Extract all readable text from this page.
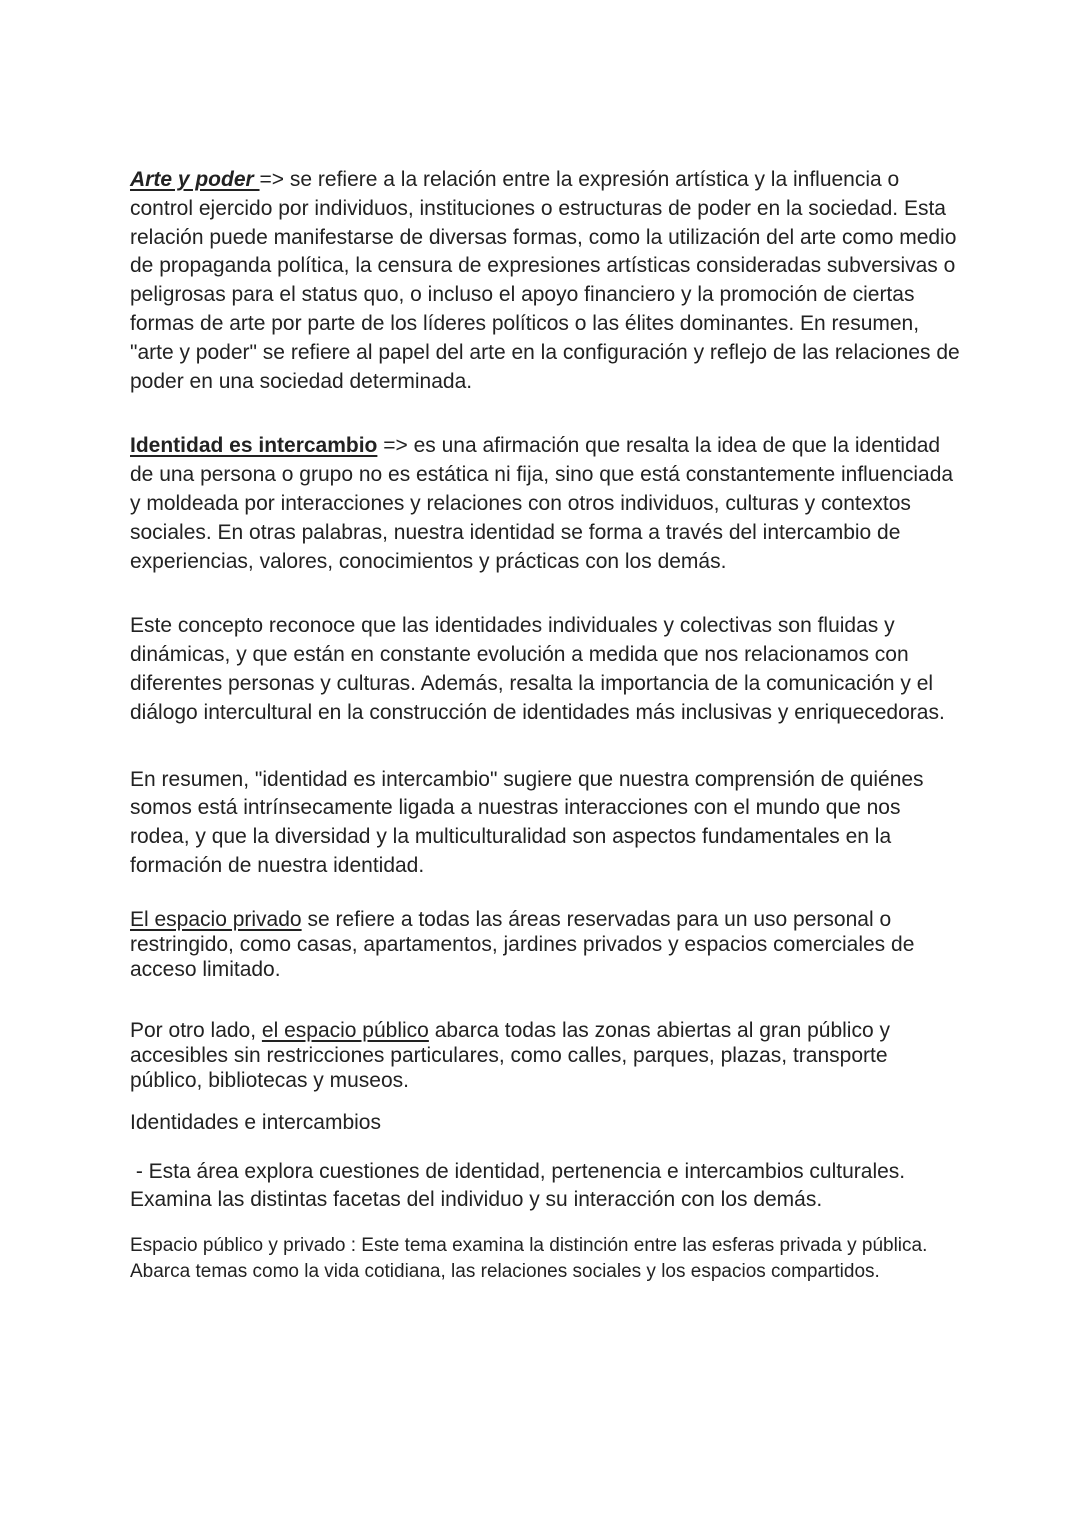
Arte y poder => se refiere a la relación entre la expresión artística y la influencia o control ejercido por individuos, instituciones o estructuras de poder en la sociedad. Esta relación puede manifestarse de diversas formas, como la utilización del arte como medio de propaganda política, la censura de expresiones artísticas consideradas subversivas o peligrosas para el status quo, o incluso el apoyo financiero y la promoción de ciertas formas de arte por parte de los líderes políticos o las élites dominantes. En resumen, "arte y poder" se refiere al papel del arte en la configuración y reflejo de las relaciones de poder en una sociedad determinada.

Identidad es intercambio => es una afirmación que resalta la idea de que la identidad de una persona o grupo no es estática ni fija, sino que está constantemente influenciada y moldeada por interacciones y relaciones con otros individuos, culturas y contextos sociales. En otras palabras, nuestra identidad se forma a través del intercambio de experiencias, valores, conocimientos y prácticas con los demás.

Este concepto reconoce que las identidades individuales y colectivas son fluidas y dinámicas, y que están en constante evolución a medida que nos relacionamos con diferentes personas y culturas. Además, resalta la importancia de la comunicación y el diálogo intercultural en la construcción de identidades más inclusivas y enriquecedoras.

En resumen, "identidad es intercambio" sugiere que nuestra comprensión de quiénes somos está intrínsecamente ligada a nuestras interacciones con el mundo que nos rodea, y que la diversidad y la multiculturalidad son aspectos fundamentales en la formación de nuestra identidad.

El espacio privado se refiere a todas las áreas reservadas para un uso personal o restringido, como casas, apartamentos, jardines privados y espacios comerciales de acceso limitado.

Por otro lado, el espacio público abarca todas las zonas abiertas al gran público y accesibles sin restricciones particulares, como calles, parques, plazas, transporte público, bibliotecas y museos.

Identidades e intercambios

- Esta área explora cuestiones de identidad, pertenencia e intercambios culturales. Examina las distintas facetas del individuo y su interacción con los demás.

Espacio público y privado : Este tema examina la distinción entre las esferas privada y pública. Abarca temas como la vida cotidiana, las relaciones sociales y los espacios compartidos.
